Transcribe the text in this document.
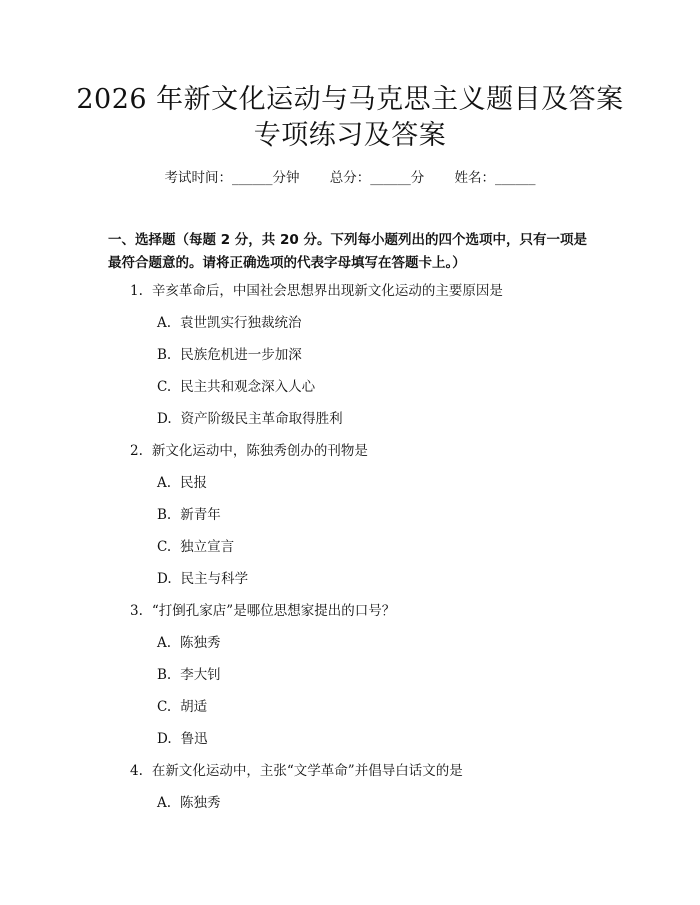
2026 年新文化运动与马克思主义题目及答案
专项练习及答案
考试时间：______分钟 总分：______分 姓名：______
一、选择题（每题 2 分，共 20 分。下列每小题列出的四个选项中，只有一项是最符合题意的。请将正确选项的代表字母填写在答题卡上。）
1. 辛亥革命后，中国社会思想界出现新文化运动的主要原因是
A. 袁世凯实行独裁统治
B. 民族危机进一步加深
C. 民主共和观念深入人心
D. 资产阶级民主革命取得胜利
2. 新文化运动中，陈独秀创办的刊物是
A. 民报
B. 新青年
C. 独立宣言
D. 民主与科学
3. “打倒孔家店”是哪位思想家提出的口号？
A. 陈独秀
B. 李大钊
C. 胡适
D. 鲁迅
4. 在新文化运动中，主张“文学革命”并倡导白话文的是
A. 陈独秀
